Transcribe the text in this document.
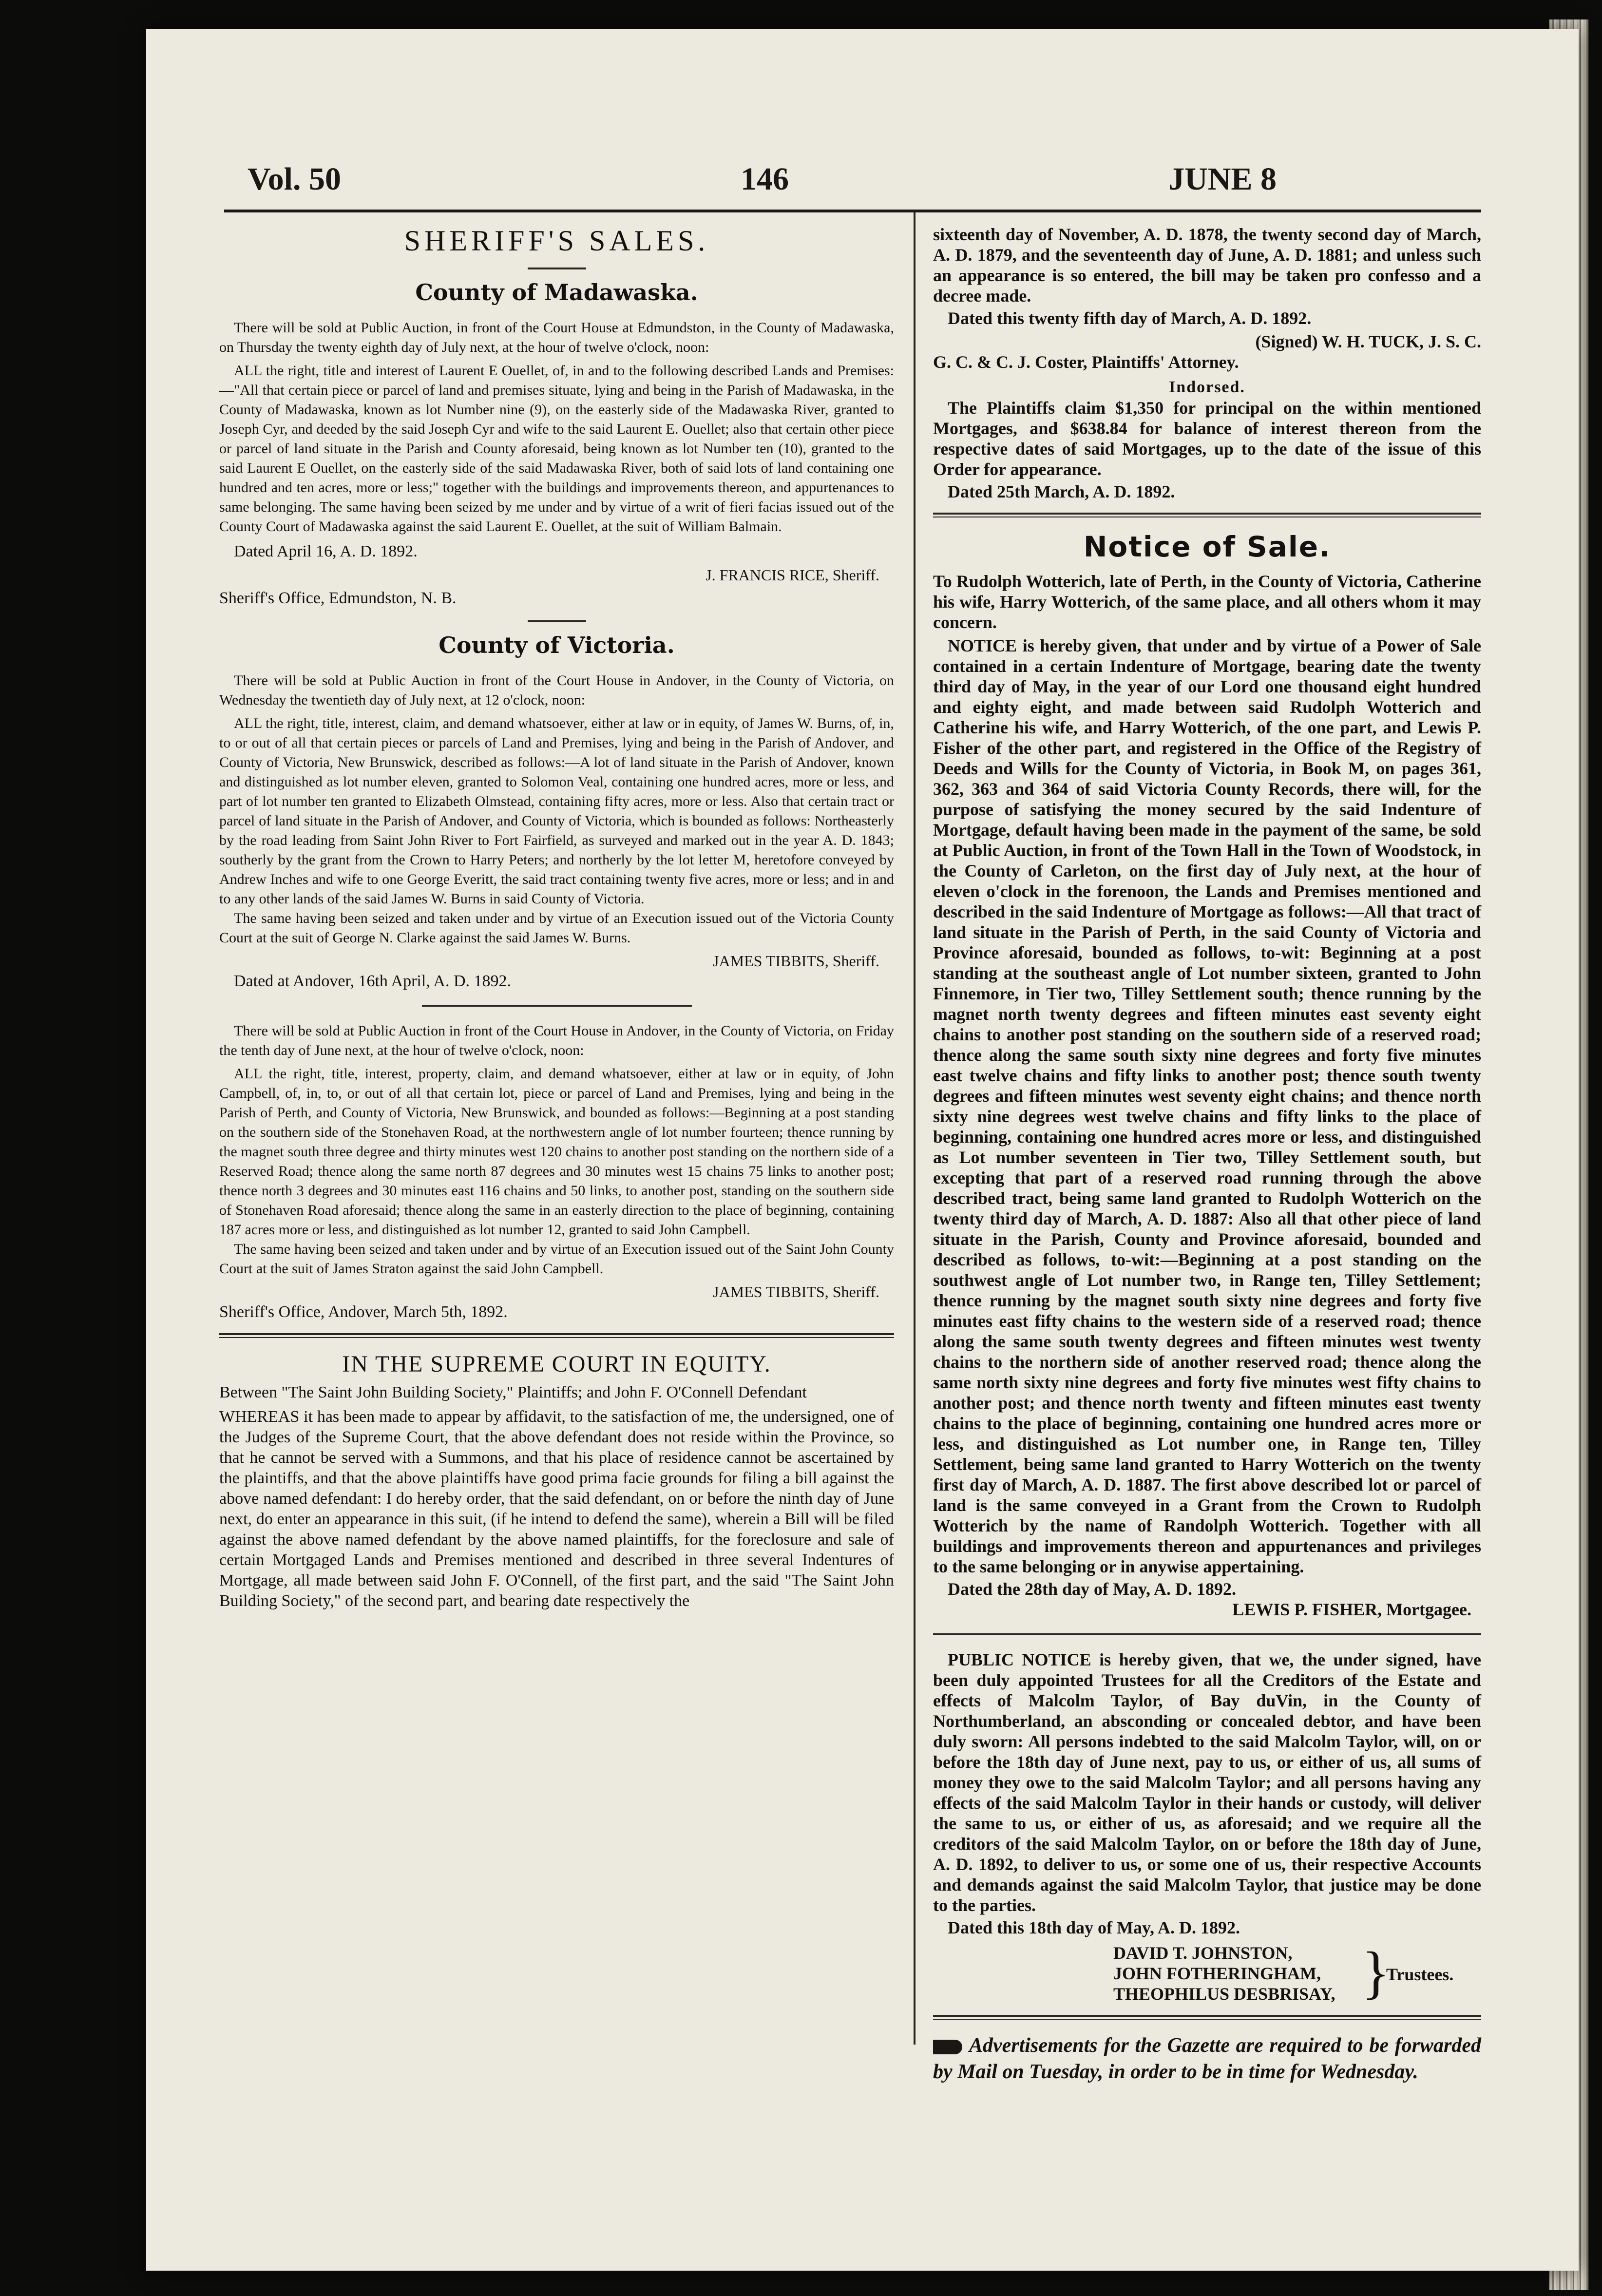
Vol. 50	146	JUNE 8
SHERIFF'S SALES.
County of Madawaska.

There will be sold at Public Auction, in front of the Court House at Edmundston, in the County of Madawaska, on Thursday the twenty eighth day of July next, at the hour of twelve o'clock, noon:

ALL the right, title and interest of Laurent E Ouellet, of, in and to the following described Lands and Premises:—"All that certain piece or parcel of land and premises situate, lying and being in the Parish of Madawaska, in the County of Madawaska, known as lot Number nine (9), on the easterly side of the Madawaska River, granted to Joseph Cyr, and deeded by the said Joseph Cyr and wife to the said Laurent E. Ouellet; also that certain other piece or parcel of land situate in the Parish and County aforesaid, being known as lot Number ten (10), granted to the said Laurent E Ouellet, on the easterly side of the said Madawaska River, both of said lots of land containing one hundred and ten acres, more or less;" together with the buildings and improvements thereon, and appurtenances to same belonging. The same having been seized by me under and by virtue of a writ of fieri facias issued out of the County Court of Madawaska against the said Laurent E. Ouellet, at the suit of William Balmain.

Dated April 16, A. D. 1892.

J. FRANCIS RICE, Sheriff.

Sheriff's Office, Edmundston, N. B.

County of Victoria.

There will be sold at Public Auction in front of the Court House in Andover, in the County of Victoria, on Wednesday the twentieth day of July next, at 12 o'clock, noon:

ALL the right, title, interest, claim, and demand whatsoever, either at law or in equity, of James W. Burns, of, in, to or out of all that certain pieces or parcels of Land and Premises, lying and being in the Parish of Andover, and County of Victoria, New Brunswick, described as follows:—A lot of land situate in the Parish of Andover, known and distinguished as lot number eleven, granted to Solomon Veal, containing one hundred acres, more or less, and part of lot number ten granted to Elizabeth Olmstead, containing fifty acres, more or less. Also that certain tract or parcel of land situate in the Parish of Andover, and County of Victoria, which is bounded as follows: Northeasterly by the road leading from Saint John River to Fort Fairfield, as surveyed and marked out in the year A. D. 1843; southerly by the grant from the Crown to Harry Peters; and northerly by the lot letter M, heretofore conveyed by Andrew Inches and wife to one George Everitt, the said tract containing twenty five acres, more or less; and in and to any other lands of the said James W. Burns in said County of Victoria.

The same having been seized and taken under and by virtue of an Execution issued out of the Victoria County Court at the suit of George N. Clarke against the said James W. Burns.

JAMES TIBBITS, Sheriff.

Dated at Andover, 16th April, A. D. 1892.

There will be sold at Public Auction in front of the Court House in Andover, in the County of Victoria, on Friday the tenth day of June next, at the hour of twelve o'clock, noon:

ALL the right, title, interest, property, claim, and demand whatsoever, either at law or in equity, of John Campbell, of, in, to, or out of all that certain lot, piece or parcel of Land and Premises, lying and being in the Parish of Perth, and County of Victoria, New Brunswick, and bounded as follows:—Beginning at a post standing on the southern side of the Stonehaven Road, at the northwestern angle of lot number fourteen; thence running by the magnet south three degree and thirty minutes west 120 chains to another post standing on the northern side of a Reserved Road; thence along the same north 87 degrees and 30 minutes west 15 chains 75 links to another post; thence north 3 degrees and 30 minutes east 116 chains and 50 links, to another post, standing on the southern side of Stonehaven Road aforesaid; thence along the same in an easterly direction to the place of beginning, containing 187 acres more or less, and distinguished as lot number 12, granted to said John Campbell.

The same having been seized and taken under and by virtue of an Execution issued out of the Saint John County Court at the suit of James Straton against the said John Campbell.

JAMES TIBBITS, Sheriff.

Sheriff's Office, Andover, March 5th, 1892.

IN THE SUPREME COURT IN EQUITY.

Between "The Saint John Building Society," Plaintiffs; and John F. O'Connell Defendant

WHEREAS it has been made to appear by affidavit, to the satisfaction of me, the undersigned, one of the Judges of the Supreme Court, that the above defendant does not reside within the Province, so that he cannot be served with a Summons, and that his place of residence cannot be ascertained by the plaintiffs, and that the above plaintiffs have good prima facie grounds for filing a bill against the above named defendant: I do hereby order, that the said defendant, on or before the ninth day of June next, do enter an appearance in this suit, (if he intend to defend the same), wherein a Bill will be filed against the above named defendant by the above named plaintiffs, for the foreclosure and sale of certain Mortgaged Lands and Premises mentioned and described in three several Indentures of Mortgage, all made between said John F. O'Connell, of the first part, and the said "The Saint John Building Society," of the second part, and bearing date respectively the

sixteenth day of November, A. D. 1878, the twenty second day of March, A. D. 1879, and the seventeenth day of June, A. D. 1881; and unless such an appearance is so entered, the bill may be taken pro confesso and a decree made.

Dated this twenty fifth day of March, A. D. 1892.

(Signed) W. H. TUCK, J. S. C.

G. C. & C. J. Coster, Plaintiffs' Attorney.

Indorsed.

The Plaintiffs claim $1,350 for principal on the within mentioned Mortgages, and $638.84 for balance of interest thereon from the respective dates of said Mortgages, up to the date of the issue of this Order for appearance.

Dated 25th March, A. D. 1892.

Notice of Sale.

To Rudolph Wotterich, late of Perth, in the County of Victoria, Catherine his wife, Harry Wotterich, of the same place, and all others whom it may concern.

NOTICE is hereby given, that under and by virtue of a Power of Sale contained in a certain Indenture of Mortgage, bearing date the twenty third day of May, in the year of our Lord one thousand eight hundred and eighty eight, and made between said Rudolph Wotterich and Catherine his wife, and Harry Wotterich, of the one part, and Lewis P. Fisher of the other part, and registered in the Office of the Registry of Deeds and Wills for the County of Victoria, in Book M, on pages 361, 362, 363 and 364 of said Victoria County Records, there will, for the purpose of satisfying the money secured by the said Indenture of Mortgage, default having been made in the payment of the same, be sold at Public Auction, in front of the Town Hall in the Town of Woodstock, in the County of Carleton, on the first day of July next, at the hour of eleven o'clock in the forenoon, the Lands and Premises mentioned and described in the said Indenture of Mortgage as follows:—All that tract of land situate in the Parish of Perth, in the said County of Victoria and Province aforesaid, bounded as follows, to-wit: Beginning at a post standing at the southeast angle of Lot number sixteen, granted to John Finnemore, in Tier two, Tilley Settlement south; thence running by the magnet north twenty degrees and fifteen minutes east seventy eight chains to another post standing on the southern side of a reserved road; thence along the same south sixty nine degrees and forty five minutes east twelve chains and fifty links to another post; thence south twenty degrees and fifteen minutes west seventy eight chains; and thence north sixty nine degrees west twelve chains and fifty links to the place of beginning, containing one hundred acres more or less, and distinguished as Lot number seventeen in Tier two, Tilley Settlement south, but excepting that part of a reserved road running through the above described tract, being same land granted to Rudolph Wotterich on the twenty third day of March, A. D. 1887: Also all that other piece of land situate in the Parish, County and Province aforesaid, bounded and described as follows, to-wit:—Beginning at a post standing on the southwest angle of Lot number two, in Range ten, Tilley Settlement; thence running by the magnet south sixty nine degrees and forty five minutes east fifty chains to the western side of a reserved road; thence along the same south twenty degrees and fifteen minutes west twenty chains to the northern side of another reserved road; thence along the same north sixty nine degrees and forty five minutes west fifty chains to another post; and thence north twenty and fifteen minutes east twenty chains to the place of beginning, containing one hundred acres more or less, and distinguished as Lot number one, in Range ten, Tilley Settlement, being same land granted to Harry Wotterich on the twenty first day of March, A. D. 1887. The first above described lot or parcel of land is the same conveyed in a Grant from the Crown to Rudolph Wotterich by the name of Randolph Wotterich. Together with all buildings and improvements thereon and appurtenances and privileges to the same belonging or in anywise appertaining.

Dated the 28th day of May, A. D. 1892.

LEWIS P. FISHER, Mortgagee.

PUBLIC NOTICE is hereby given, that we, the under signed, have been duly appointed Trustees for all the Creditors of the Estate and effects of Malcolm Taylor, of Bay duVin, in the County of Northumberland, an absconding or concealed debtor, and have been duly sworn: All persons indebted to the said Malcolm Taylor, will, on or before the 18th day of June next, pay to us, or either of us, all sums of money they owe to the said Malcolm Taylor; and all persons having any effects of the said Malcolm Taylor in their hands or custody, will deliver the same to us, or either of us, as aforesaid; and we require all the creditors of the said Malcolm Taylor, on or before the 18th day of June, A. D. 1892, to deliver to us, or some one of us, their respective Accounts and demands against the said Malcolm Taylor, that justice may be done to the parties.

Dated this 18th day of May, A. D. 1892.

DAVID T. JOHNSTON,
JOHN FOTHERINGHAM,
THEOPHILUS DESBRISAY, }
Trustees.

Advertisements for the Gazette are required to be forwarded by Mail on Tuesday, in order to be in time for Wednesday.
